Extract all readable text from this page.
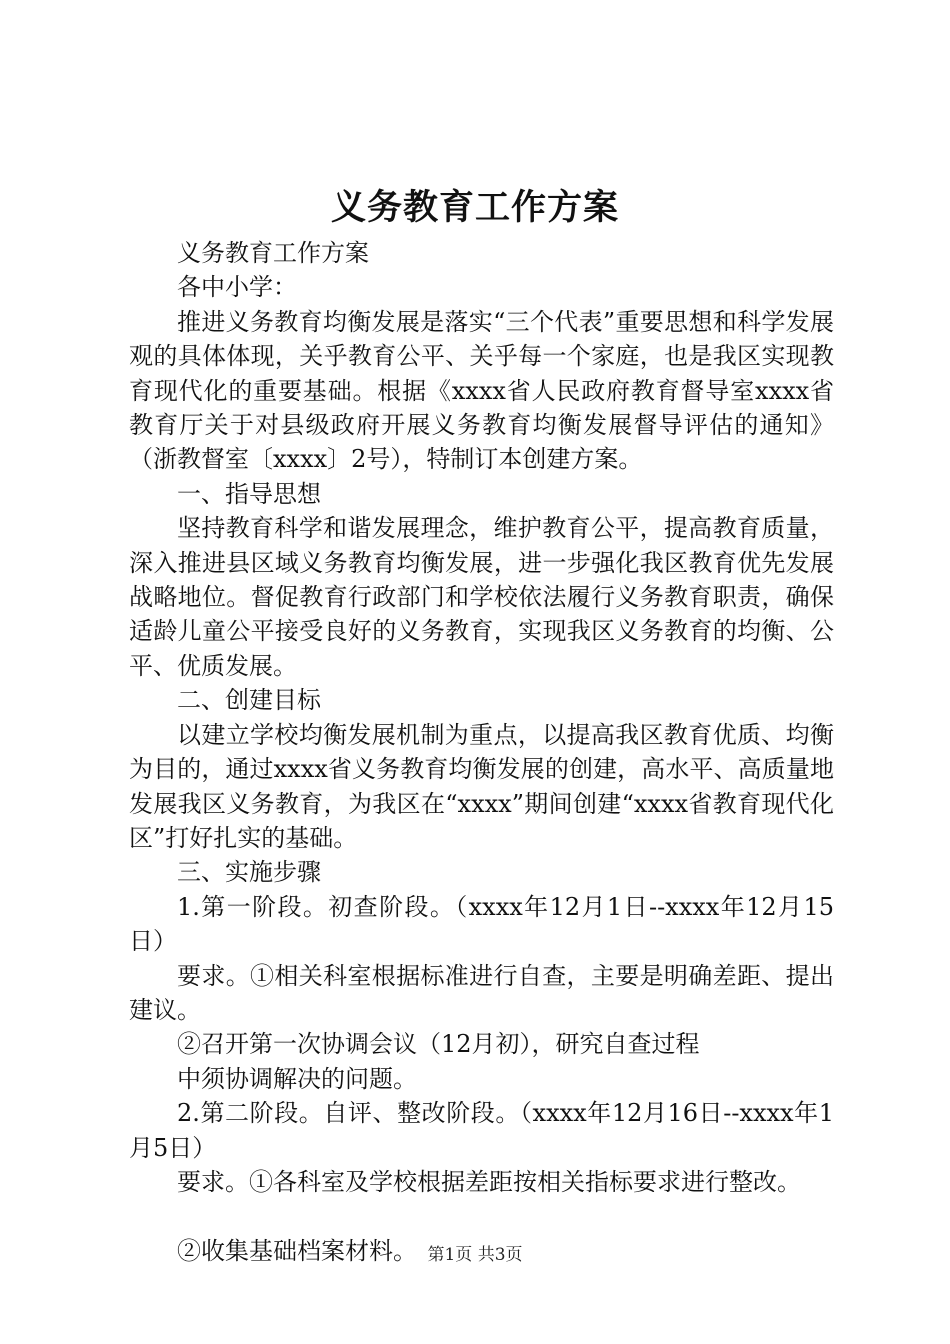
义务教育工作方案

义务教育工作方案

各中小学：

推进义务教育均衡发展是落实“三个代表”重要思想和科学发展观的具体体现，关乎教育公平、关乎每一个家庭，也是我区实现教育现代化的重要基础。根据《xxxx省人民政府教育督导室xxxx省教育厅关于对县级政府开展义务教育均衡发展督导评估的通知》（浙教督室〔xxxx〕2号），特制订本创建方案。

一、指导思想

坚持教育科学和谐发展理念，维护教育公平，提高教育质量，深入推进县区域义务教育均衡发展，进一步强化我区教育优先发展战略地位。督促教育行政部门和学校依法履行义务教育职责，确保适龄儿童公平接受良好的义务教育，实现我区义务教育的均衡、公平、优质发展。

二、创建目标

以建立学校均衡发展机制为重点，以提高我区教育优质、均衡为目的，通过xxxx省义务教育均衡发展的创建，高水平、高质量地发展我区义务教育，为我区在“xxxx”期间创建“xxxx省教育现代化区”打好扎实的基础。

三、实施步骤

1.第一阶段。初查阶段。（xxxx年12月1日--xxxx年12月15日）

要求。①相关科室根据标准进行自查，主要是明确差距、提出建议。

②召开第一次协调会议（12月初），研究自查过程

中须协调解决的问题。

2.第二阶段。自评、整改阶段。（xxxx年12月16日--xxxx年1月5日）

要求。①各科室及学校根据差距按相关指标要求进行整改。

②收集基础档案材料。 第1页 共3页
